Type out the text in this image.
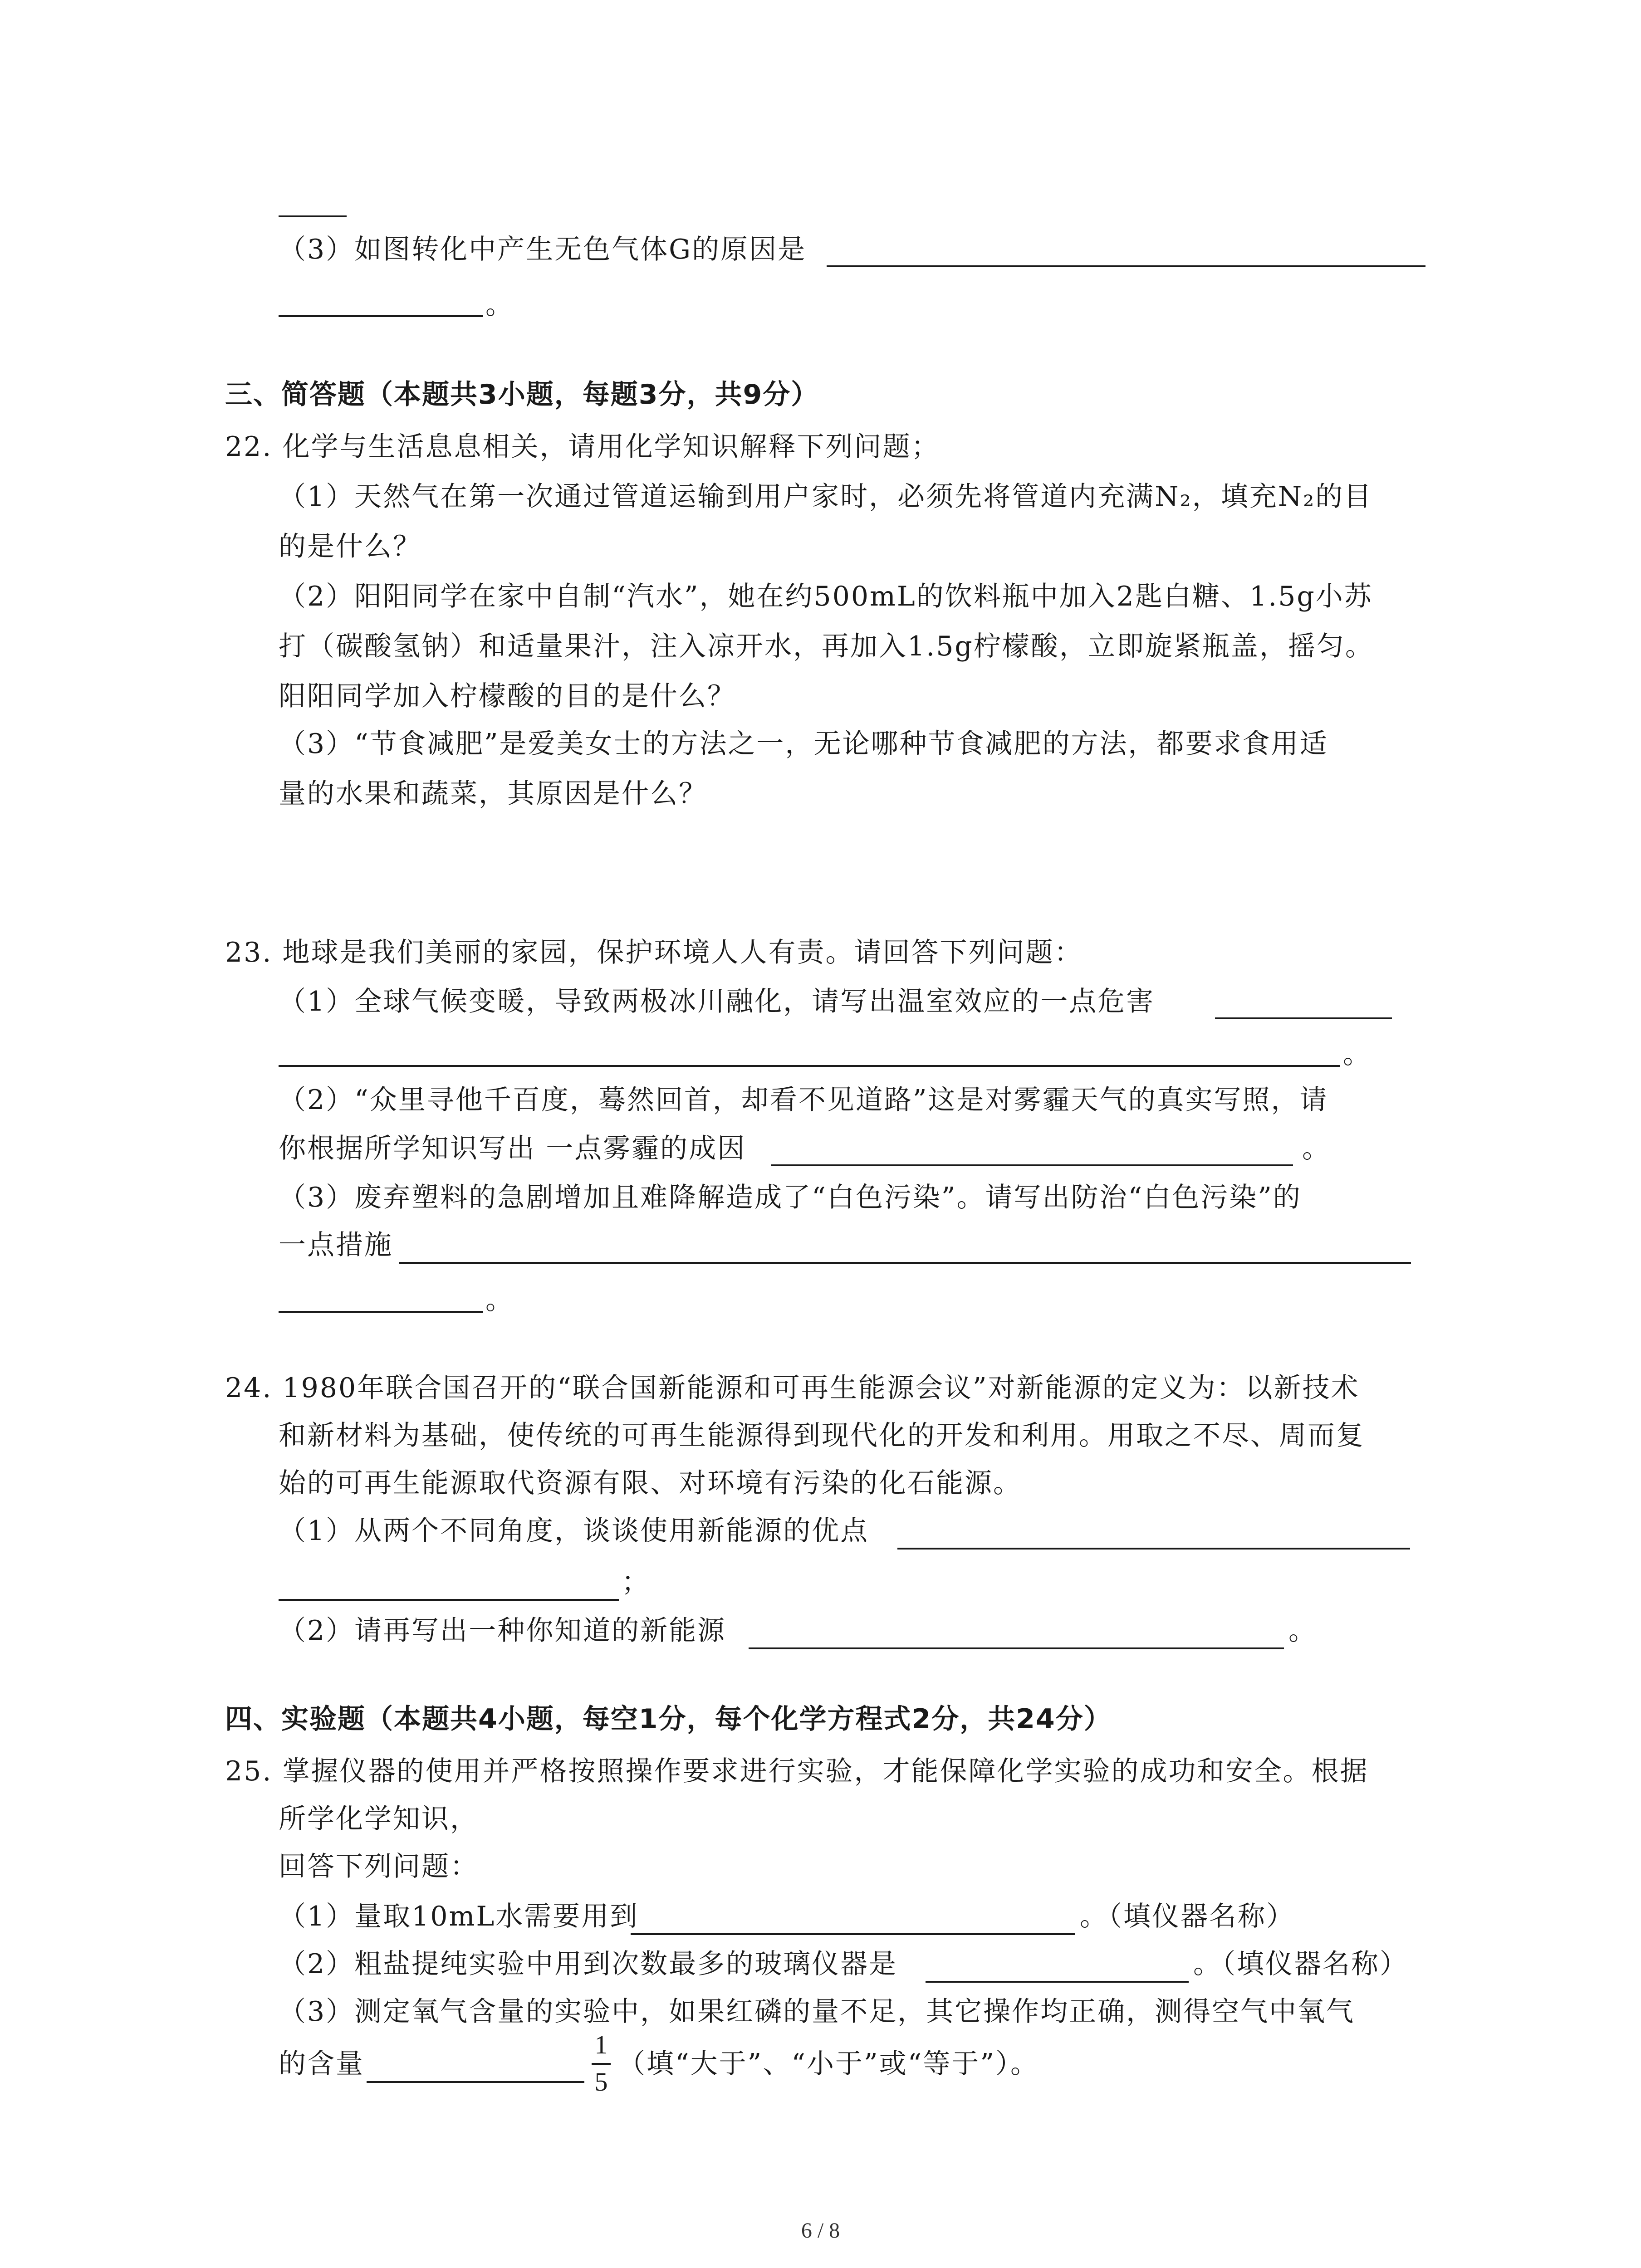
（3）如图转化中产生无色气体G的原因是
。
三、简答题（本题共3小题，每题3分，共9分）
22. 化学与生活息息相关，请用化学知识解释下列问题；
（1）天然气在第一次通过管道运输到用户家时，必须先将管道内充满N₂，填充N₂的目
的是什么？
（2）阳阳同学在家中自制“汽水”，她在约500mL的饮料瓶中加入2匙白糖、1.5g小苏
打（碳酸氢钠）和适量果汁，注入凉开水，再加入1.5g柠檬酸，立即旋紧瓶盖，摇匀。
阳阳同学加入柠檬酸的目的是什么？
（3）“节食减肥”是爱美女士的方法之一，无论哪种节食减肥的方法，都要求食用适
量的水果和蔬菜，其原因是什么？
23. 地球是我们美丽的家园，保护环境人人有责。请回答下列问题：
（1）全球气候变暖，导致两极冰川融化，请写出温室效应的一点危害
。
（2）“众里寻他千百度，蓦然回首，却看不见道路”这是对雾霾天气的真实写照，请
你根据所学知识写出 一点雾霾的成因	。
（3）废弃塑料的急剧增加且难降解造成了“白色污染”。请写出防治“白色污染”的
一点措施
。
24. 1980年联合国召开的“联合国新能源和可再生能源会议”对新能源的定义为：以新技术
和新材料为基础，使传统的可再生能源得到现代化的开发和利用。用取之不尽、周而复
始的可再生能源取代资源有限、对环境有污染的化石能源。
（1）从两个不同角度，谈谈使用新能源的优点
；
（2）请再写出一种你知道的新能源	。
四、实验题（本题共4小题，每空1分，每个化学方程式2分，共24分）
25. 掌握仪器的使用并严格按照操作要求进行实验，才能保障化学实验的成功和安全。根据
所学化学知识，
回答下列问题：
（1）量取10mL水需要用到	。（填仪器名称）
（2）粗盐提纯实验中用到次数最多的玻璃仪器是	。（填仪器名称）
（3）测定氧气含量的实验中，如果红磷的量不足，其它操作均正确，测得空气中氧气
的含量
1
5
（填“大于”、“小于”或“等于”）。
6 / 8
